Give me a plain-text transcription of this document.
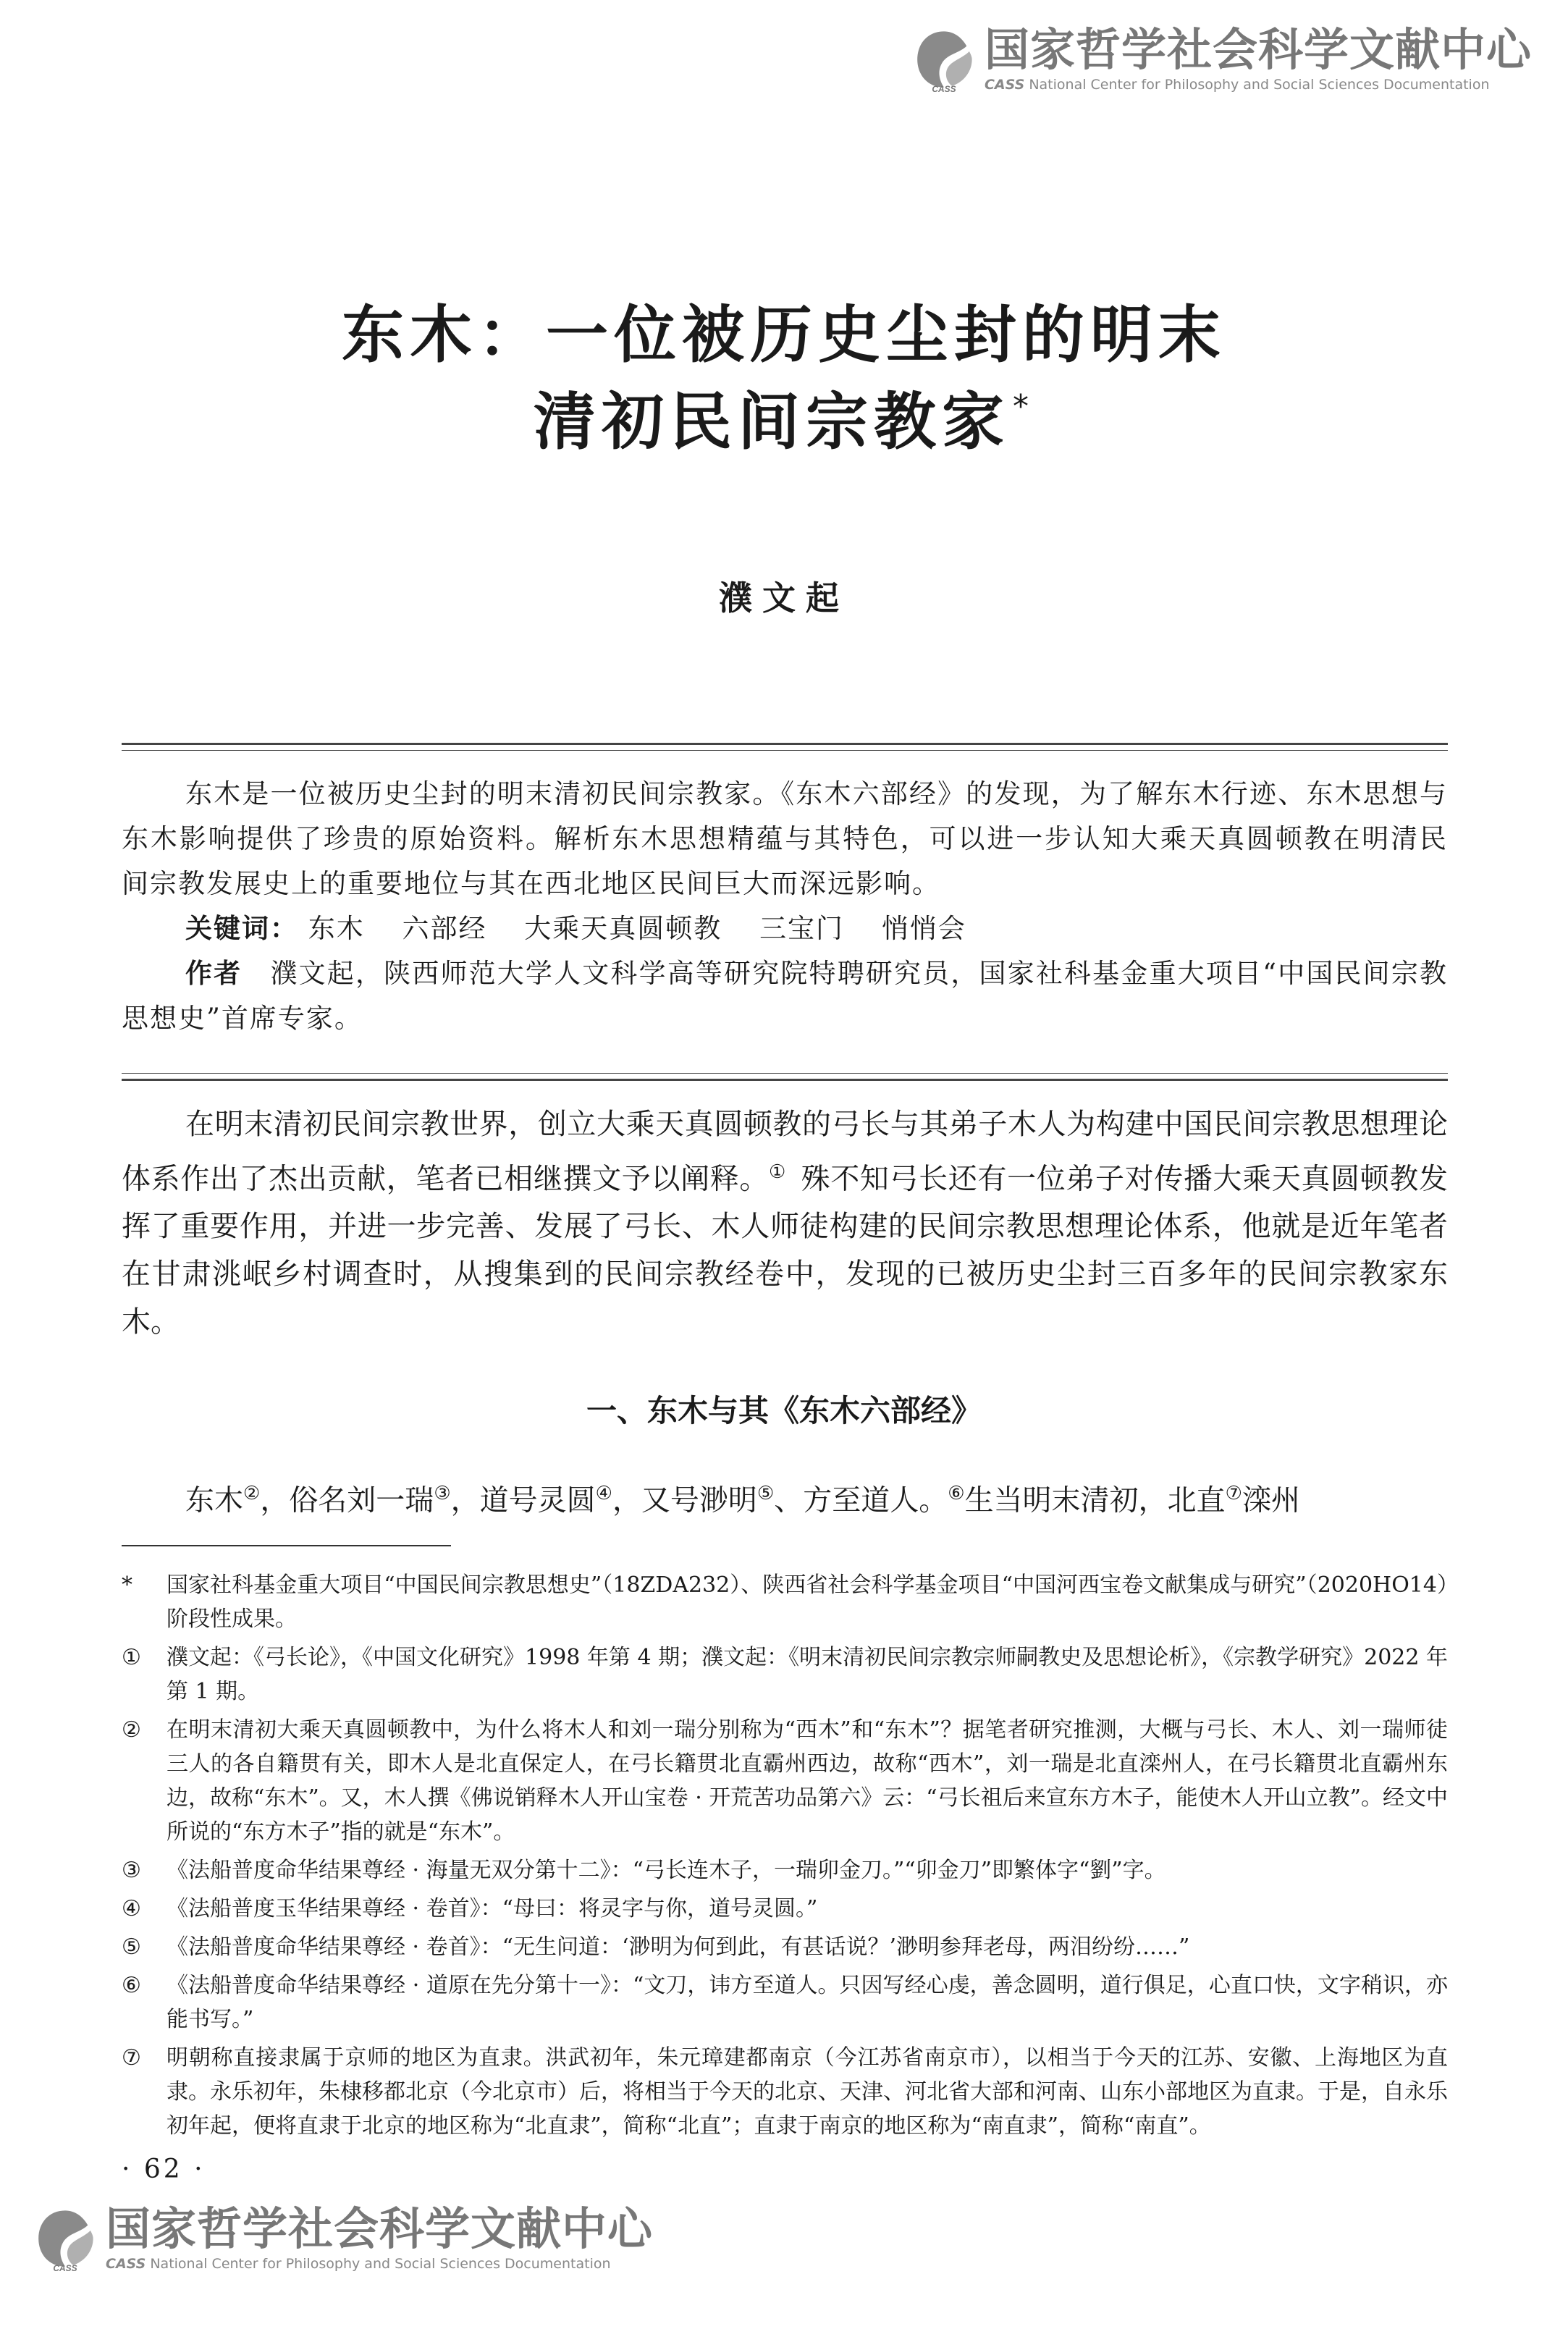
CASS
国家哲学社会科学文献中心
CASS National Center for Philosophy and Social Sciences Documentation
东木：一位被历史尘封的明末
清初民间宗教家*
濮文起

东木是一位被历史尘封的明末清初民间宗教家。《东木六部经》的发现，为了解东木行迹、东木思想与东木影响提供了珍贵的原始资料。解析东木思想精蕴与其特色，可以进一步认知大乘天真圆顿教在明清民间宗教发展史上的重要地位与其在西北地区民间巨大而深远影响。

关键词： 东木 六部经 大乘天真圆顿教 三宝门 悄悄会

作者  濮文起，陕西师范大学人文科学高等研究院特聘研究员，国家社科基金重大项目“中国民间宗教思想史”首席专家。

在明末清初民间宗教世界，创立大乘天真圆顿教的弓长与其弟子木人为构建中国民间宗教思想理论体系作出了杰出贡献，笔者已相继撰文予以阐释。①  殊不知弓长还有一位弟子对传播大乘天真圆顿教发挥了重要作用，并进一步完善、发展了弓长、木人师徒构建的民间宗教思想理论体系，他就是近年笔者在甘肃洮岷乡村调查时，从搜集到的民间宗教经卷中，发现的已被历史尘封三百多年的民间宗教家东木。

一、东木与其《东木六部经》

东木②，俗名刘一瑞③，道号灵圆④，又号渺明⑤、方至道人。⑥生当明末清初，北直⑦滦州

*	国家社科基金重大项目“中国民间宗教思想史”（18ZDA232）、陕西省社会科学基金项目“中国河西宝卷文献集成与研究”（2020HO14）阶段性成果。
①	濮文起：《弓长论》，《中国文化研究》1998 年第 4 期；濮文起：《明末清初民间宗教宗师嗣教史及思想论析》，《宗教学研究》2022 年第 1 期。
②	在明末清初大乘天真圆顿教中，为什么将木人和刘一瑞分别称为“西木”和“东木”？据笔者研究推测，大概与弓长、木人、刘一瑞师徒三人的各自籍贯有关，即木人是北直保定人，在弓长籍贯北直霸州西边，故称“西木”，刘一瑞是北直滦州人，在弓长籍贯北直霸州东边，故称“东木”。又，木人撰《佛说销释木人开山宝卷 · 开荒苦功品第六》云：“弓长祖后来宣东方木子，能使木人开山立教”。经文中所说的“东方木子”指的就是“东木”。
③	《法船普度命华结果尊经 · 海量无双分第十二》：“弓长连木子，一瑞卯金刀。”“卯金刀”即繁体字“劉”字。
④	《法船普度玉华结果尊经 · 卷首》：“母曰：将灵字与你，道号灵圆。”
⑤	《法船普度命华结果尊经 · 卷首》：“无生问道：‘渺明为何到此，有甚话说？’渺明参拜老母，两泪纷纷……”
⑥	《法船普度命华结果尊经 · 道原在先分第十一》：“文刀，讳方至道人。只因写经心虔，善念圆明，道行俱足，心直口快，文字稍识，亦能书写。”
⑦	明朝称直接隶属于京师的地区为直隶。洪武初年，朱元璋建都南京（今江苏省南京市），以相当于今天的江苏、安徽、上海地区为直隶。永乐初年，朱棣移都北京（今北京市）后，将相当于今天的北京、天津、河北省大部和河南、山东小部地区为直隶。于是，自永乐初年起，便将直隶于北京的地区称为“北直隶”，简称“北直”；直隶于南京的地区称为“南直隶”，简称“南直”。
· 62 ·
CASS
国家哲学社会科学文献中心
CASS National Center for Philosophy and Social Sciences Documentation
